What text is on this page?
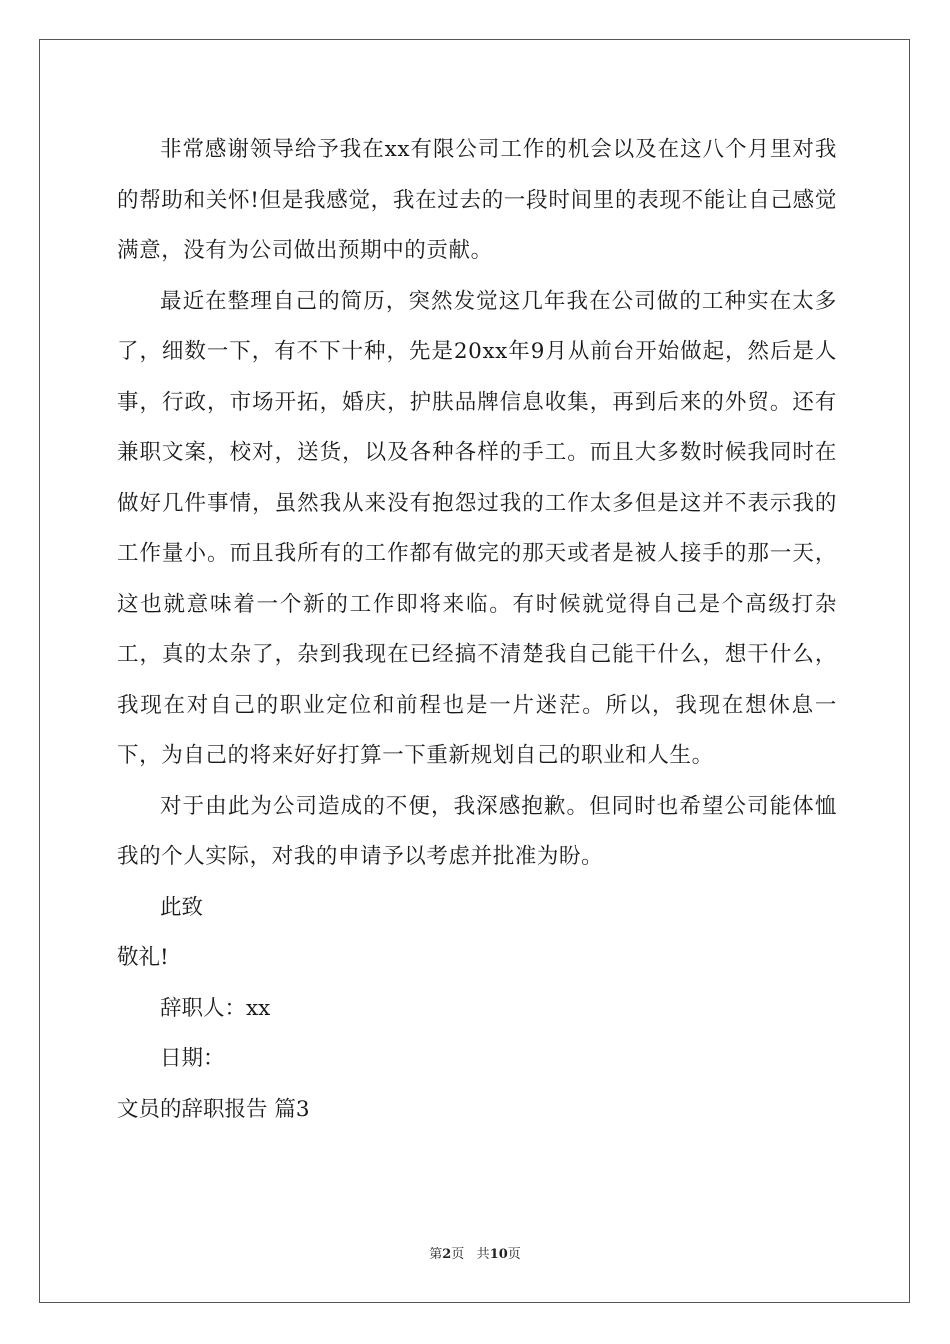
非常感谢领导给予我在xx有限公司工作的机会以及在这八个月里对我的帮助和关怀!但是我感觉，我在过去的一段时间里的表现不能让自己感觉满意，没有为公司做出预期中的贡献。

最近在整理自己的简历，突然发觉这几年我在公司做的工种实在太多了，细数一下，有不下十种，先是20xx年9月从前台开始做起，然后是人事，行政，市场开拓，婚庆，护肤品牌信息收集，再到后来的外贸。还有兼职文案，校对，送货，以及各种各样的手工。而且大多数时候我同时在做好几件事情，虽然我从来没有抱怨过我的工作太多但是这并不表示我的工作量小。而且我所有的工作都有做完的那天或者是被人接手的那一天，这也就意味着一个新的工作即将来临。有时候就觉得自己是个高级打杂工，真的太杂了，杂到我现在已经搞不清楚我自己能干什么，想干什么，我现在对自己的职业定位和前程也是一片迷茫。所以，我现在想休息一下，为自己的将来好好打算一下重新规划自己的职业和人生。

对于由此为公司造成的不便，我深感抱歉。但同时也希望公司能体恤我的个人实际，对我的申请予以考虑并批准为盼。

此致

敬礼!

辞职人：xx

日期：

文员的辞职报告 篇3

第2页 共10页
